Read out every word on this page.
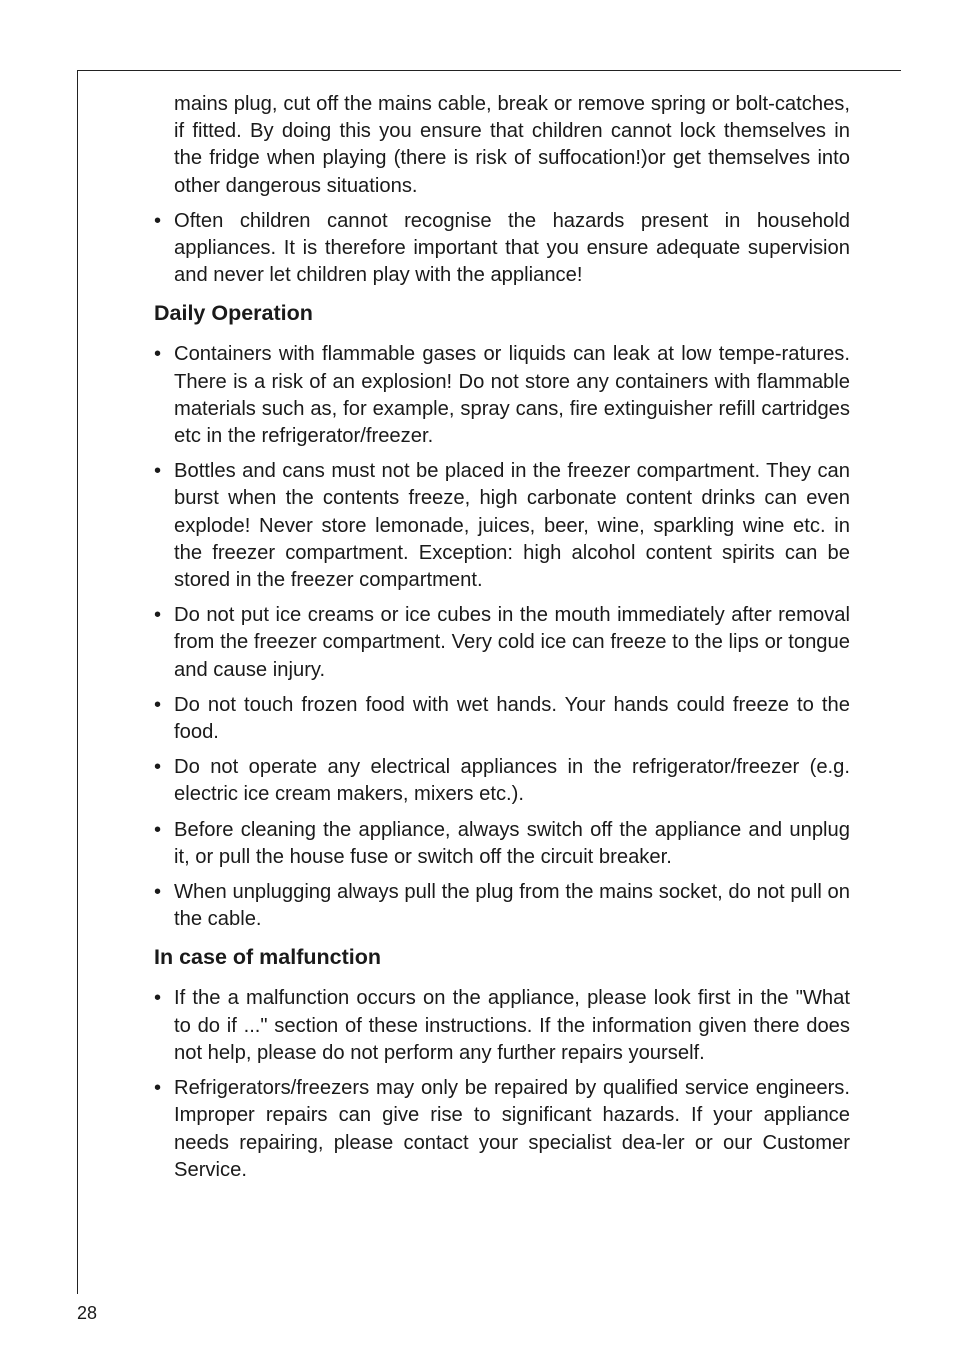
mains plug, cut off the mains cable, break or remove spring or bolt-catches, if fitted. By doing this you ensure that children cannot lock themselves in the fridge when playing (there is risk of suffocation!)or get themselves into other dangerous situations.

• Often children cannot recognise the hazards present in household appliances. It is therefore important that you ensure adequate supervision and never let children play with the appliance!
Daily Operation
• Containers with flammable gases or liquids can leak at low tempe-ratures. There is a risk of an explosion! Do not store any containers with flammable materials such as, for example, spray cans, fire extinguisher refill cartridges etc in the refrigerator/freezer.
• Bottles and cans must not be placed in the freezer compartment. They can burst when the contents freeze, high carbonate content drinks can even explode! Never store lemonade, juices, beer, wine, sparkling wine etc. in the freezer compartment. Exception: high alcohol content spirits can be stored in the freezer compartment.
• Do not put ice creams or ice cubes in the mouth immediately after removal from the freezer compartment. Very cold ice can freeze to the lips or tongue and cause injury.
• Do not touch frozen food with wet hands. Your hands could freeze to the food.
• Do not operate any electrical appliances in the refrigerator/freezer (e.g. electric ice cream makers, mixers etc.).
• Before cleaning the appliance, always switch off the appliance and unplug it, or pull the house fuse or switch off the circuit breaker.
• When unplugging always pull the plug from the mains socket, do not pull on the cable.
In case of malfunction
• If the a malfunction occurs on the appliance, please look first in the "What to do if ..." section of these instructions. If the information given there does not help, please do not perform any further repairs yourself.
• Refrigerators/freezers may only be repaired by qualified service engineers. Improper repairs can give rise to significant hazards. If your appliance needs repairing, please contact your specialist dea-ler or our Customer Service.
28
